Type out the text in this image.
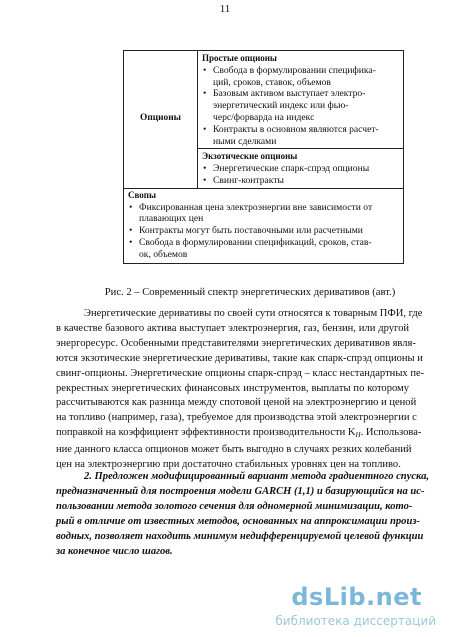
11
Опционы	
Простые опционы
• Свобода в формулировании специфика-
ций, сроков, ставок, объемов
• Базовым активом выступает электро-
энергетический индекс или фью-
черс/форварда на индекс
• Контракты в основном являются расчет-
ными сделками

Экзотические опционы
• Энергетические спарк-спрэд опционы
• Свинг-контракты

Свопы
• Фиксированная цена электроэнергии вне зависимости от
плавающих цен
• Контракты могут быть поставочными или расчетными
• Свобода в формулировании спецификаций, сроков, став-
ок, объемов
Рис. 2 – Современный спектр энергетических деривативов (авт.)
Энергетические деривативы по своей сути относятся к товарным ПФИ, где
в качестве базового актива выступает электроэнергия, газ, бензин, или другой
энергоресурс. Особенными представителями энергетических деривативов явля-
ются экзотические энергетические деривативы, такие как спарк-спрэд опционы и
свинг-опционы. Энергетические опционы спарк-спрэд – класс нестандартных пе-
рекрестных энергетических финансовых инструментов, выплаты по которому
рассчитываются как разница между спотовой ценой на электроэнергию и ценой
на топливо (например, газа), требуемое для производства этой электроэнергии с
поправкой на коэффициент эффективности производительности $K_H$. Использова-
ние данного класса опционов может быть выгодно в случаях резких колебаний
цен на электроэнергию при достаточно стабильных уровнях цен на топливо.
2. Предложен модифицированный вариант метода градиентного спуска,
предназначенный для построения модели GARCH (1,1) и базирующийся на ис-
пользовании метода золотого сечения для одномерной минимизации, кото-
рый в отличие от известных методов, основанных на аппроксимации произ-
водных, позволяет находить минимум недифференцируемой целевой функции
за конечное число шагов.
dsLib.net
библиотека диссертаций
